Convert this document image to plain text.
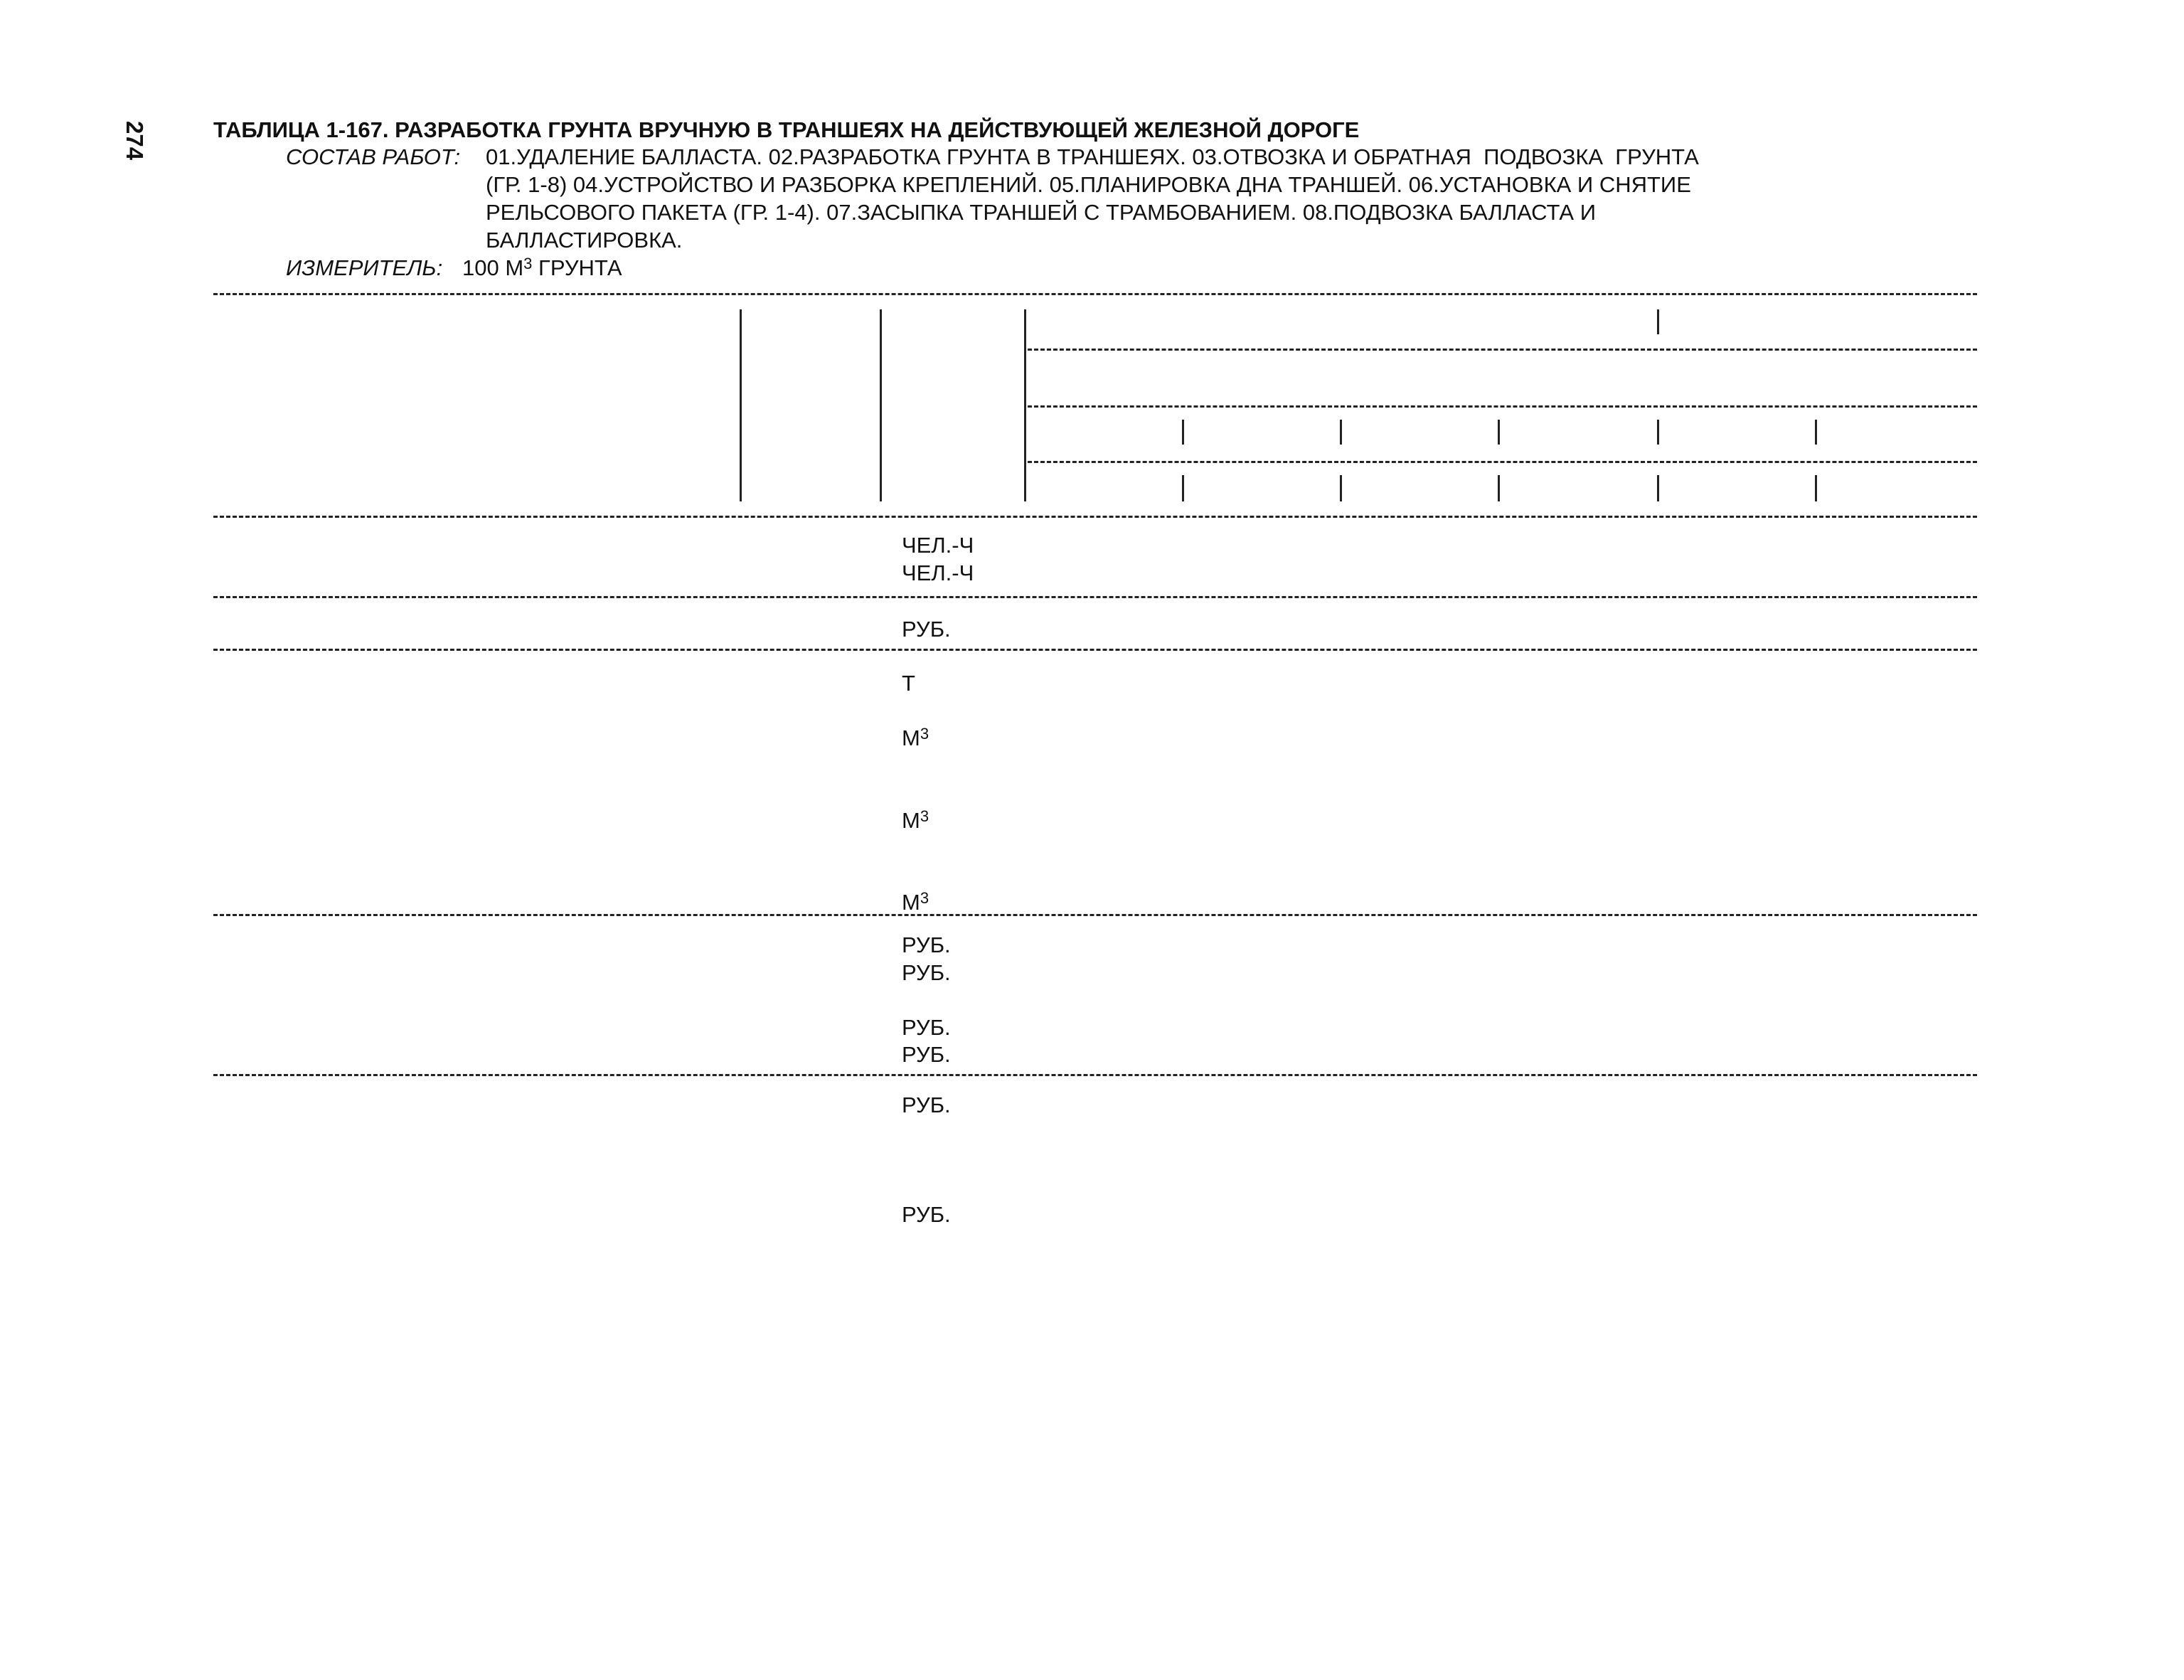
274	ТАБЛИЦА 1-167. РАЗРАБОТКА ГРУНТА ВРУЧНУЮ В ТРАНШЕЯХ НА ДЕЙСТВУЮЩЕЙ ЖЕЛЕЗНОЙ ДОРОГЕ
СОСТАВ РАБОТ: 01.УДАЛЕНИЕ БАЛЛАСТА. 02.РАЗРАБОТКА ГРУНТА В ТРАНШЕЯХ. 03.ОТВОЗКА И ОБРАТНАЯ  ПОДВОЗКА  ГРУНТА
(ГР. 1-8) 04.УСТРОЙСТВО И РАЗБОРКА КРЕПЛЕНИЙ. 05.ПЛАНИРОВКА ДНА ТРАНШЕЙ. 06.УСТАНОВКА И СНЯТИЕ
РЕЛЬСОВОГО ПАКЕТА (ГР. 1-4). 07.ЗАСЫПКА ТРАНШЕЙ С ТРАМБОВАНИЕМ. 08.ПОДВОЗКА БАЛЛАСТА И
БАЛЛАСТИРОВКА.
ИЗМЕРИТЕЛЬ: 100 $М^3$ ГРУНТА
ЧЕЛ.-Ч
ЧЕЛ.-Ч
РУБ.
Т
$М^3$
$М^3$
$М^3$
РУБ.
РУБ.
РУБ.
РУБ.
РУБ.
РУБ.
